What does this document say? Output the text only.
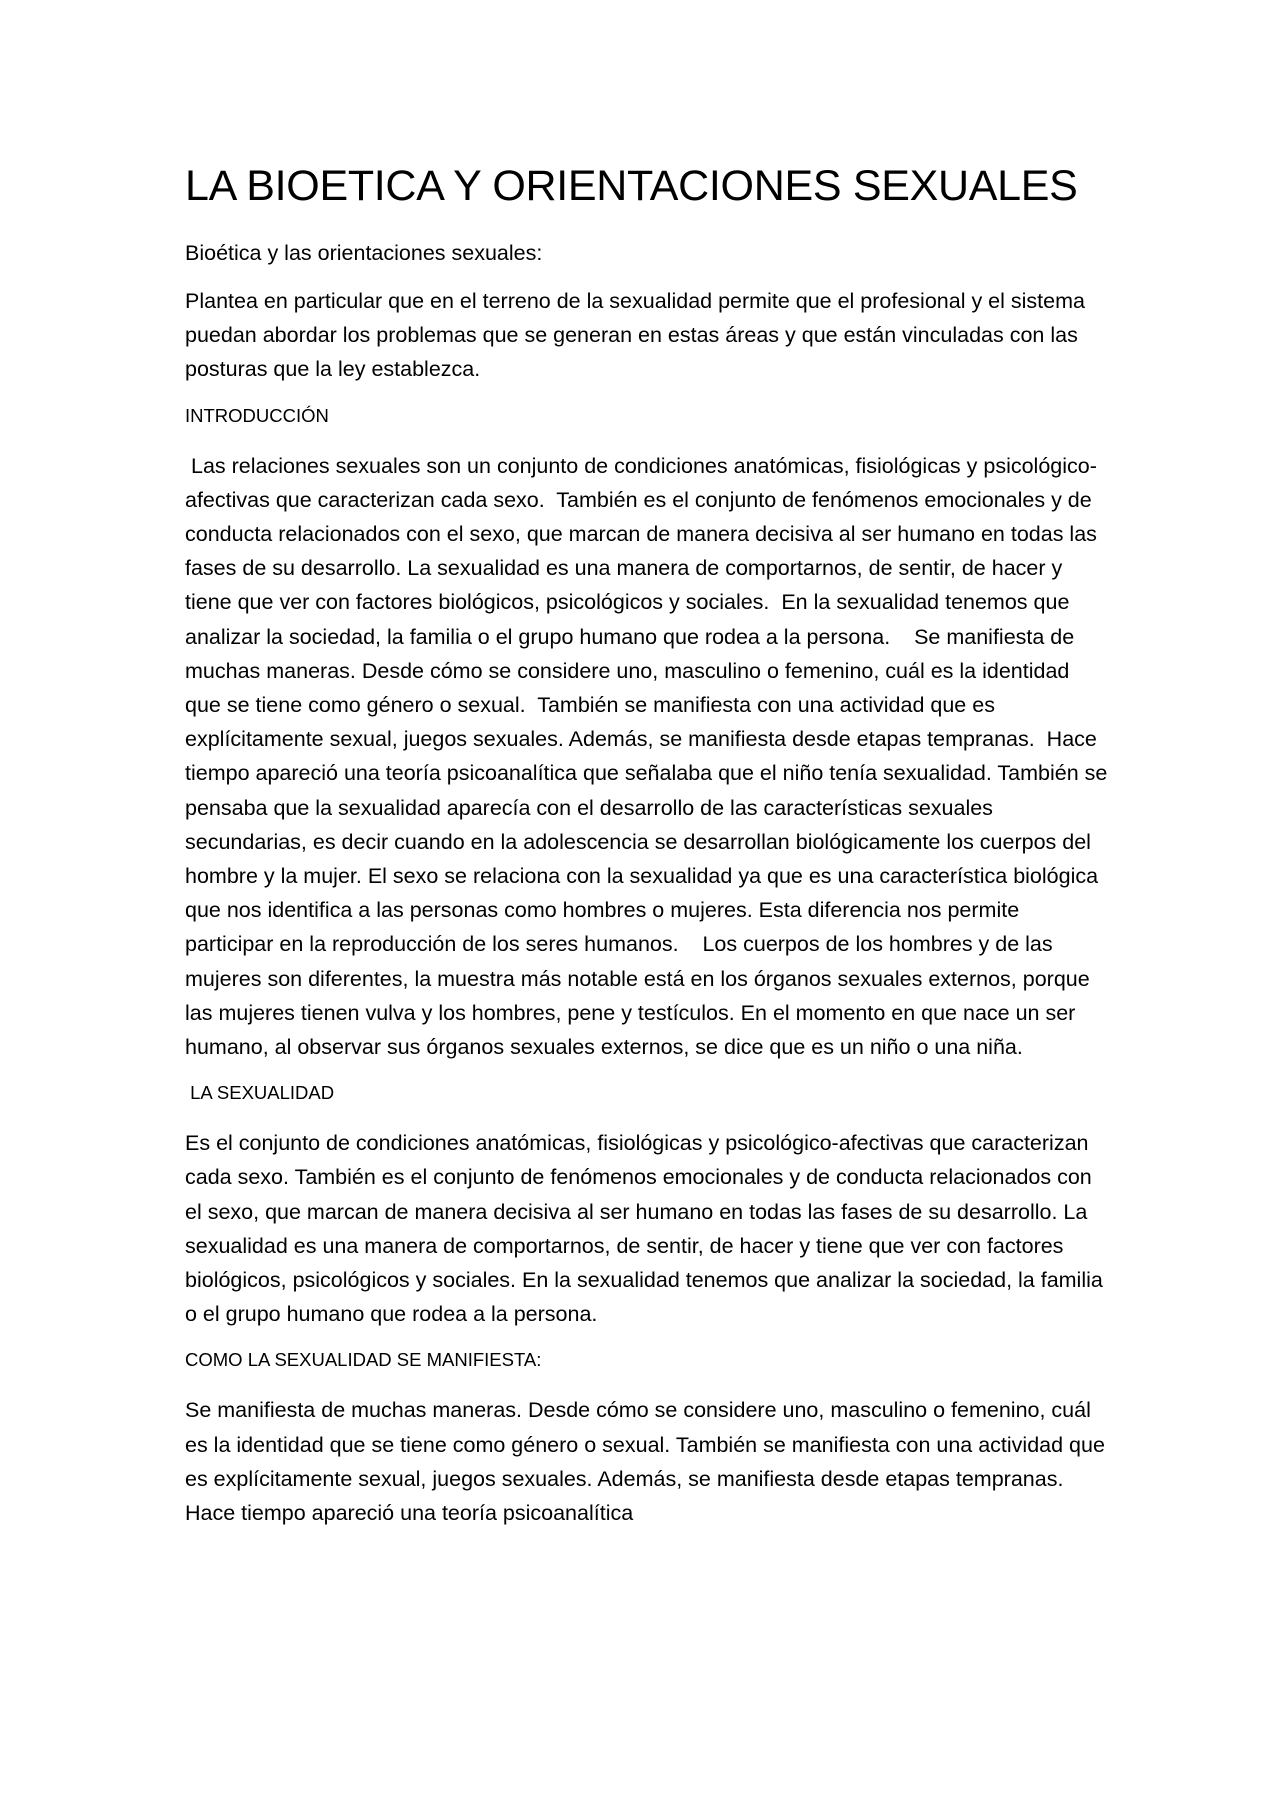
LA BIOETICA Y ORIENTACIONES SEXUALES

Bioética y las orientaciones sexuales:

Plantea en particular que en el terreno de la sexualidad permite que el profesional y el sistema puedan abordar los problemas que se generan en estas áreas y que están vinculadas con las posturas que la ley establezca.

INTRODUCCIÓN

Las relaciones sexuales son un conjunto de condiciones anatómicas, fisiológicas y psicológico-afectivas que caracterizan cada sexo.  También es el conjunto de fenómenos emocionales y de conducta relacionados con el sexo, que marcan de manera decisiva al ser humano en todas las fases de su desarrollo. La sexualidad es una manera de comportarnos, de sentir, de hacer y tiene que ver con factores biológicos, psicológicos y sociales.  En la sexualidad tenemos que analizar la sociedad, la familia o el grupo humano que rodea a la persona.    Se manifiesta de muchas maneras. Desde cómo se considere uno, masculino o femenino, cuál es la identidad que se tiene como género o sexual.  También se manifiesta con una actividad que es explícitamente sexual, juegos sexuales. Además, se manifiesta desde etapas tempranas.  Hace tiempo apareció una teoría psicoanalítica que señalaba que el niño tenía sexualidad. También se pensaba que la sexualidad aparecía con el desarrollo de las características sexuales secundarias, es decir cuando en la adolescencia se desarrollan biológicamente los cuerpos del hombre y la mujer. El sexo se relaciona con la sexualidad ya que es una característica biológica que nos identifica a las personas como hombres o mujeres. Esta diferencia nos permite participar en la reproducción de los seres humanos.    Los cuerpos de los hombres y de las mujeres son diferentes, la muestra más notable está en los órganos sexuales externos, porque las mujeres tienen vulva y los hombres, pene y testículos. En el momento en que nace un ser humano, al observar sus órganos sexuales externos, se dice que es un niño o una niña.

LA SEXUALIDAD

Es el conjunto de condiciones anatómicas, fisiológicas y psicológico-afectivas que caracterizan cada sexo. También es el conjunto de fenómenos emocionales y de conducta relacionados con el sexo, que marcan de manera decisiva al ser humano en todas las fases de su desarrollo. La sexualidad es una manera de comportarnos, de sentir, de hacer y tiene que ver con factores biológicos, psicológicos y sociales. En la sexualidad tenemos que analizar la sociedad, la familia o el grupo humano que rodea a la persona.

COMO LA SEXUALIDAD SE MANIFIESTA:

Se manifiesta de muchas maneras. Desde cómo se considere uno, masculino o femenino, cuál es la identidad que se tiene como género o sexual. También se manifiesta con una actividad que es explícitamente sexual, juegos sexuales. Además, se manifiesta desde etapas tempranas.  Hace tiempo apareció una teoría psicoanalítica
